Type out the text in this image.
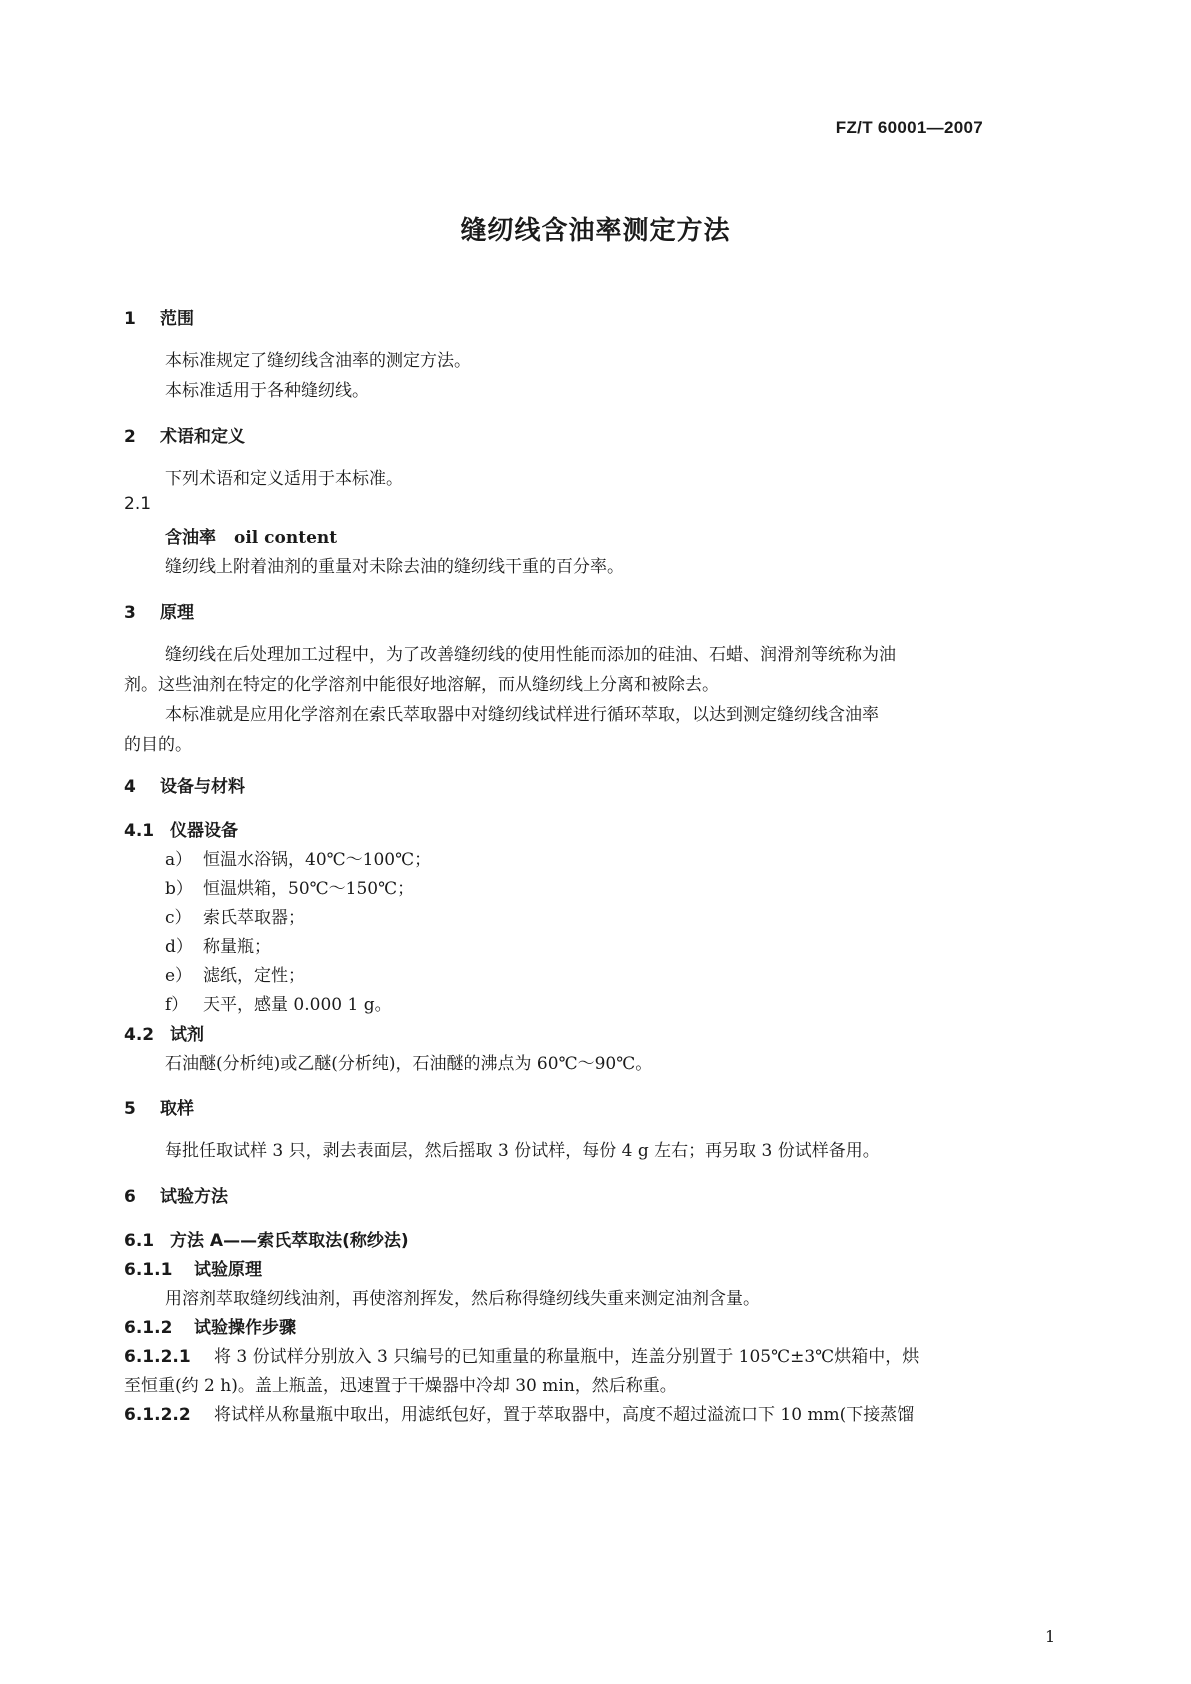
FZ/T 60001—2007
缝纫线含油率测定方法
1 范围
本标准规定了缝纫线含油率的测定方法。
本标准适用于各种缝纫线。
2 术语和定义
下列术语和定义适用于本标准。
2.1
含油率 oil content
缝纫线上附着油剂的重量对未除去油的缝纫线干重的百分率。
3 原理
缝纫线在后处理加工过程中，为了改善缝纫线的使用性能而添加的硅油、石蜡、润滑剂等统称为油
剂。这些油剂在特定的化学溶剂中能很好地溶解，而从缝纫线上分离和被除去。
本标准就是应用化学溶剂在索氏萃取器中对缝纫线试样进行循环萃取，以达到测定缝纫线含油率
的目的。
4 设备与材料
4.1 仪器设备
a） 恒温水浴锅，40℃～100℃；
b） 恒温烘箱，50℃～150℃；
c） 索氏萃取器；
d） 称量瓶；
e） 滤纸，定性；
f） 天平，感量 0.000 1 g。
4.2 试剂
石油醚(分析纯)或乙醚(分析纯)，石油醚的沸点为 60℃～90℃。
5 取样
每批任取试样 3 只，剥去表面层，然后摇取 3 份试样，每份 4 g 左右；再另取 3 份试样备用。
6 试验方法
6.1 方法 A——索氏萃取法(称纱法)
6.1.1 试验原理
用溶剂萃取缝纫线油剂，再使溶剂挥发，然后称得缝纫线失重来测定油剂含量。
6.1.2 试验操作步骤
6.1.2.1 将 3 份试样分别放入 3 只编号的已知重量的称量瓶中，连盖分别置于 105℃±3℃烘箱中，烘
至恒重(约 2 h)。盖上瓶盖，迅速置于干燥器中冷却 30 min，然后称重。
6.1.2.2 将试样从称量瓶中取出，用滤纸包好，置于萃取器中，高度不超过溢流口下 10 mm(下接蒸馏
1
